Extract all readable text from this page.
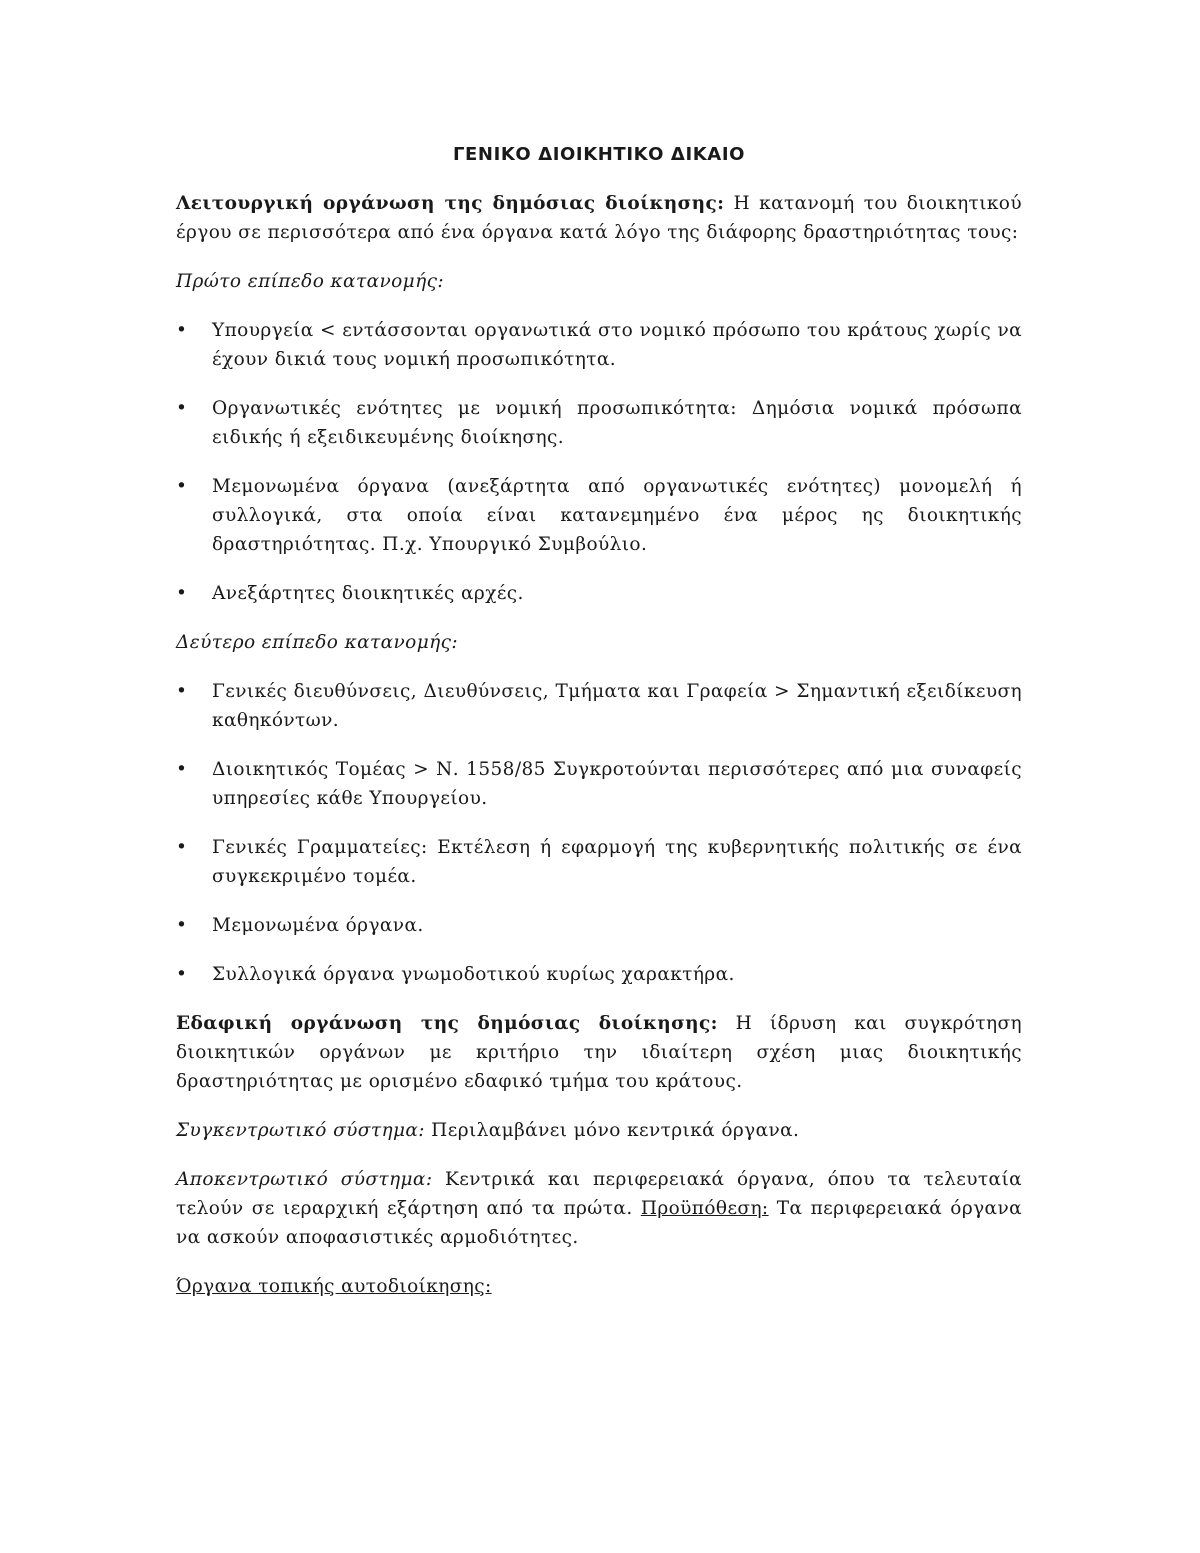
ΓΕΝΙΚΟ ΔΙΟΙΚΗΤΙΚΟ ΔΙΚΑΙΟ

Λειτουργική οργάνωση της δημόσιας διοίκησης: Η κατανομή του διοικητικού έργου σε περισσότερα από ένα όργανα κατά λόγο της διάφορης δραστηριότητας τους:

Πρώτο επίπεδο κατανομής:

• Υπουργεία < εντάσσονται οργανωτικά στο νομικό πρόσωπο του κράτους χωρίς να έχουν δικιά τους νομική προσωπικότητα.
• Οργανωτικές ενότητες με νομική προσωπικότητα: Δημόσια νομικά πρόσωπα ειδικής ή εξειδικευμένης διοίκησης.
• Μεμονωμένα όργανα (ανεξάρτητα από οργανωτικές ενότητες) μονομελή ή συλλογικά, στα οποία είναι κατανεμημένο ένα μέρος ης διοικητικής δραστηριότητας. Π.χ. Υπουργικό Συμβούλιο.
• Ανεξάρτητες διοικητικές αρχές.

Δεύτερο επίπεδο κατανομής:

• Γενικές διευθύνσεις, Διευθύνσεις, Τμήματα και Γραφεία > Σημαντική εξειδίκευση καθηκόντων.
• Διοικητικός Τομέας > Ν. 1558/85 Συγκροτούνται περισσότερες από μια συναφείς υπηρεσίες κάθε Υπουργείου.
• Γενικές Γραμματείες: Εκτέλεση ή εφαρμογή της κυβερνητικής πολιτικής σε ένα συγκεκριμένο τομέα.
• Μεμονωμένα όργανα.
• Συλλογικά όργανα γνωμοδοτικού κυρίως χαρακτήρα.

Εδαφική οργάνωση της δημόσιας διοίκησης: Η ίδρυση και συγκρότηση διοικητικών οργάνων με κριτήριο την ιδιαίτερη σχέση μιας διοικητικής δραστηριότητας με ορισμένο εδαφικό τμήμα του κράτους.

Συγκεντρωτικό σύστημα: Περιλαμβάνει μόνο κεντρικά όργανα.

Αποκεντρωτικό σύστημα: Κεντρικά και περιφερειακά όργανα, όπου τα τελευταία τελούν σε ιεραρχική εξάρτηση από τα πρώτα. Προϋπόθεση: Τα περιφερειακά όργανα να ασκούν αποφασιστικές αρμοδιότητες.

Όργανα τοπικής αυτοδιοίκησης:
